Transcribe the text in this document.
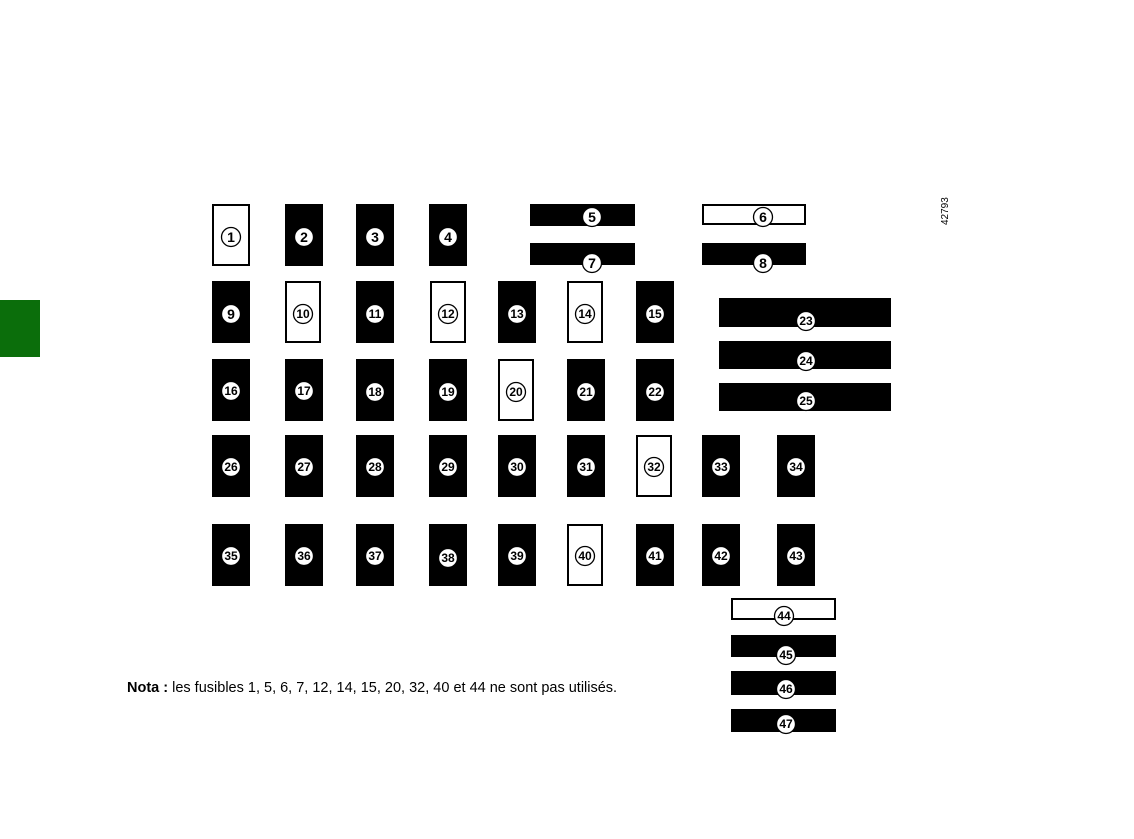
1	2	3	4
5	6
7	8
9	10	11	12	13	14	15
16	17	18	19	20	21	22
23
24
25
26	27	28	29	30	31	32	33	34
35	36	37	38	39	40	41	42	43
44
45
46
47
42793
Nota : les fusibles 1, 5, 6, 7, 12, 14, 15, 20, 32, 40 et 44 ne sont pas utilisés.
